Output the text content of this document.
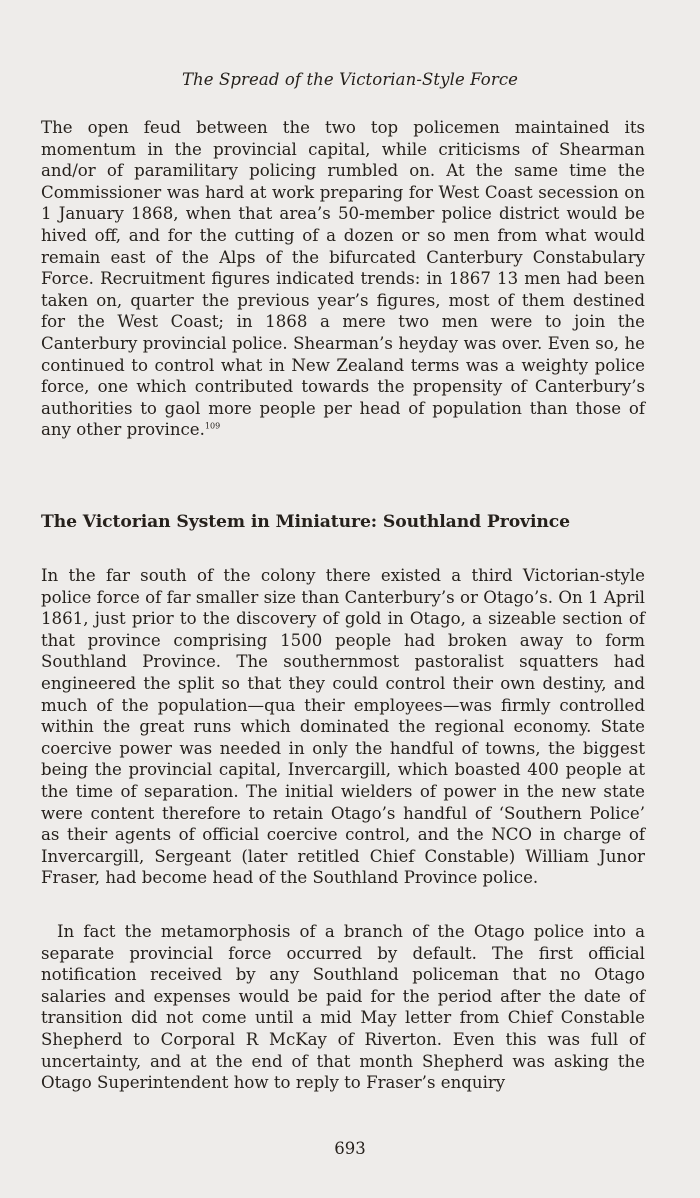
The Spread of the Victorian-Style Force

The open feud between the two top policemen maintained its momentum in the provincial capital, while criticisms of Shearman and/or of paramilitary policing rumbled on. At the same time the Commissioner was hard at work preparing for West Coast secession on 1 January 1868, when that area’s 50-member police district would be hived off, and for the cutting of a dozen or so men from what would remain east of the Alps of the bifurcated Canterbury Constabulary Force. Recruitment figures indicated trends: in 1867 13 men had been taken on, quarter the previous year’s figures, most of them destined for the West Coast; in 1868 a mere two men were to join the Canterbury provincial police. Shearman’s heyday was over. Even so, he continued to control what in New Zealand terms was a weighty police force, one which contributed towards the propensity of Canterbury’s authorities to gaol more people per head of population than those of any other province.$^{109}$

The Victorian System in Miniature: Southland Province

In the far south of the colony there existed a third Victorian-style police force of far smaller size than Canterbury’s or Otago’s. On 1 April 1861, just prior to the discovery of gold in Otago, a sizeable section of that province comprising 1500 people had broken away to form Southland Province. The southernmost pastoralist squatters had engineered the split so that they could control their own destiny, and much of the population—qua their employees—was firmly controlled within the great runs which dominated the regional economy. State coercive power was needed in only the handful of towns, the biggest being the provincial capital, Invercargill, which boasted 400 people at the time of separation. The initial wielders of power in the new state were content therefore to retain Otago’s handful of ‘Southern Police’ as their agents of official coercive control, and the NCO in charge of Invercargill, Sergeant (later retitled Chief Constable) William Junor Fraser, had become head of the Southland Province police.

In fact the metamorphosis of a branch of the Otago police into a separate provincial force occurred by default. The first official notification received by any Southland policeman that no Otago salaries and expenses would be paid for the period after the date of transition did not come until a mid May letter from Chief Constable Shepherd to Corporal R McKay of Riverton. Even this was full of uncertainty, and at the end of that month Shepherd was asking the Otago Superintendent how to reply to Fraser’s enquiry

693
